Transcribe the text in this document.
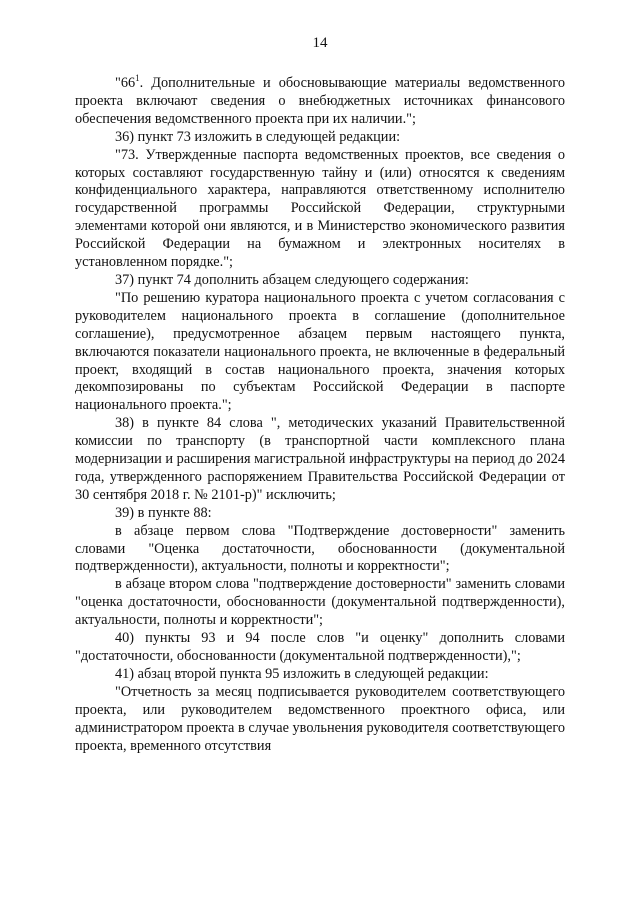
14

"$66^1$. Дополнительные и обосновывающие материалы ведомственного проекта включают сведения о внебюджетных источниках финансового обеспечения ведомственного проекта при их наличии.";

36) пункт 73 изложить в следующей редакции:

"73. Утвержденные паспорта ведомственных проектов, все сведения о которых составляют государственную тайну и (или) относятся к сведениям конфиденциального характера, направляются ответственному исполнителю государственной программы Российской Федерации, структурными элементами которой они являются, и в Министерство экономического развития Российской Федерации на бумажном и электронных носителях в установленном порядке.";

37) пункт 74 дополнить абзацем следующего содержания:

"По решению куратора национального проекта с учетом согласования с руководителем национального проекта в соглашение (дополнительное соглашение), предусмотренное абзацем первым настоящего пункта, включаются показатели национального проекта, не включенные в федеральный проект, входящий в состав национального проекта, значения которых декомпозированы по субъектам Российской Федерации в паспорте национального проекта.";

38) в пункте 84 слова ", методических указаний Правительственной комиссии по транспорту (в транспортной части комплексного плана модернизации и расширения магистральной инфраструктуры на период до 2024 года, утвержденного распоряжением Правительства Российской Федерации от 30 сентября 2018 г. № 2101-р)" исключить;

39) в пункте 88:

в абзаце первом слова "Подтверждение достоверности" заменить словами "Оценка достаточности, обоснованности (документальной подтвержденности), актуальности, полноты и корректности";

в абзаце втором слова "подтверждение достоверности" заменить словами "оценка достаточности, обоснованности (документальной подтвержденности), актуальности, полноты и корректности";

40) пункты 93 и 94 после слов "и оценку" дополнить словами "достаточности, обоснованности (документальной подтвержденности),";

41) абзац второй пункта 95 изложить в следующей редакции:

"Отчетность за месяц подписывается руководителем соответствующего проекта, или руководителем ведомственного проектного офиса, или администратором проекта в случае увольнения руководителя соответствующего проекта, временного отсутствия
